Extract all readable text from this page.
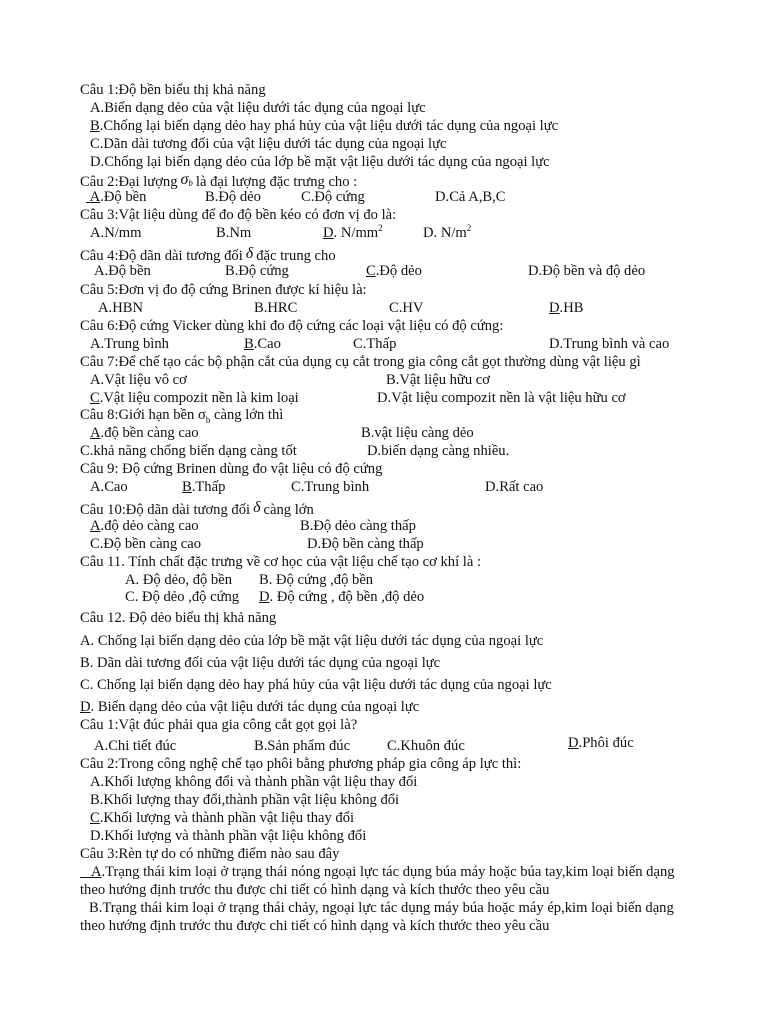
Câu 1:Độ bền biểu thị khả năng
A.Biến dạng dẻo của vật liệu dưới tác dụng của ngoại lực
B.Chống lại biến dạng dẻo hay phá hủy của vật liệu dưới tác dụng của ngoại lực
C.Dãn dài tương đối của vật liệu dưới tác dụng của ngoại lực
D.Chống lại biến dạng dẻo của lớp bề mặt vật liệu dưới tác dụng của ngoại lực
Câu 2:Đại lượng σb là đại lượng đặc trưng cho :
A.Độ bền	B.Độ dẻo	C.Độ cứng	D.Cả A,B,C
Câu 3:Vật liệu dùng để đo độ bền kéo có đơn vị đo là:
A.N/mm	B.Nm	D. $N/mm^2$	D. $N/m^2$
Câu 4:Độ dãn dài tương đối δ đặc trung cho
A.Độ bền	B.Độ cứng	C.Độ dẻo	D.Độ bền và độ dẻo
Câu 5:Đơn vị đo độ cứng Brinen được kí hiệu là:
A.HBN	B.HRC	C.HV	D.HB
Câu 6:Độ cứng Vicker dùng khi đo độ cứng các loại vật liệu có độ cứng:
A.Trung bình	B.Cao	C.Thấp	D.Trung bình và cao
Câu 7:Để chế tạo các bộ phận cắt của dụng cụ cắt trong gia công cắt gọt thường dùng vật liệu gì
A.Vật liệu vô cơ	B.Vật liệu hữu cơ
C.Vật liệu compozit nền là kim loại	D.Vật liệu compozit nền là vật liệu hữu cơ
Câu 8:Giới hạn bền $\sigma_b$ càng lớn thì
A.độ bền càng cao	B.vật liệu càng dẻo
C.khả năng chống biến dạng càng tốt	D.biến dạng càng nhiều.
Câu 9: Độ cứng Brinen dùng đo vật liệu có độ cứng
A.Cao	B.Thấp	C.Trung bình	D.Rất cao
Câu 10:Độ dãn dài tương đối δ càng lớn
A.độ dẻo càng cao	B.Độ dẻo càng thấp
C.Độ bền càng cao	D.Độ bền càng thấp
Câu 11. Tính chất đặc trưng về cơ học của vật liệu chế tạo cơ khí là :
A. Độ dẻo, độ bền B. Độ cứng ,độ bền
C. Độ dẻo ,độ cứng D. Độ cứng , độ bền ,độ dẻo
Câu 12. Độ dẻo biểu thị khả năng
A. Chống lại biến dạng dẻo của lớp bề mặt vật liệu dưới tác dụng của ngoại lực
B. Dãn dài tương đối của vật liệu dưới tác dụng của ngoại lực
C. Chống lại biến dạng dẻo hay phá hủy của vật liệu dưới tác dụng của ngoại lực
D. Biến dạng dẻo của vật liệu dưới tác dụng của ngoại lực
Câu 1:Vật đúc phải qua gia công cắt gọt gọi là?
A.Chi tiết đúc	B.Sản phẩm đúc	C.Khuôn đúc	D.Phôi đúc
Câu 2:Trong công nghệ chế tạo phôi bằng phương pháp gia công áp lực thì:
A.Khối lượng không đổi và thành phần vật liệu thay đổi
B.Khối lượng thay đổi,thành phần vật liệu không đổi
C.Khối lượng và thành phần vật liệu thay đổi
D.Khối lượng và thành phần vật liệu không đổi
Câu 3:Rèn tự do có những điểm nào sau đây
A.Trạng thái kim loại ở trạng thái nóng ngoại lực tác dụng búa máy hoặc búa tay,kim loại biến dạng
theo hướng định trước thu được chi tiết có hình dạng và kích thước theo yêu cầu
B.Trạng thái kim loại ở trạng thái chảy, ngoại lực tác dụng máy búa hoặc máy ép,kim loại biến dạng
theo hướng định trước thu được chi tiết có hình dạng và kích thước theo yêu cầu
